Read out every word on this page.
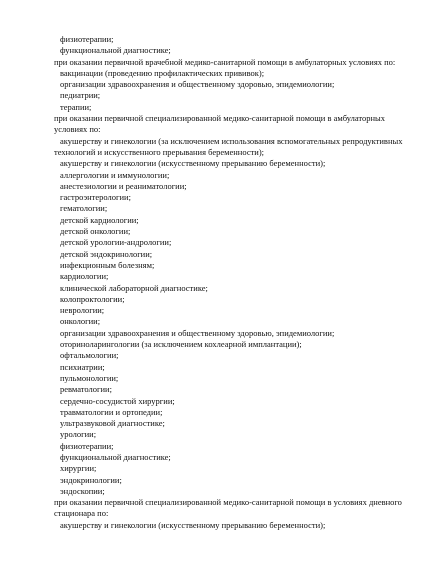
физиотерапии;
функциональной диагностике;
при оказании первичной врачебной медико-санитарной помощи в амбулаторных условиях по:
вакцинации (проведению профилактических прививок);
организации здравоохранения и общественному здоровью, эпидемиологии;
педиатрии;
терапии;
при оказании первичной специализированной медико-санитарной помощи в амбулаторных
условиях по:
акушерству и гинекологии (за исключением использования вспомогательных репродуктивных
технологий и искусственного прерывания беременности);
акушерству и гинекологии (искусственному прерыванию беременности);
аллергологии и иммунологии;
анестезиологии и реаниматологии;
гастроэнтерологии;
гематологии;
детской кардиологии;
детской онкологии;
детской урологии-андрологии;
детской эндокринологии;
инфекционным болезням;
кардиологии;
клинической лабораторной диагностике;
колопроктологии;
неврологии;
онкологии;
организации здравоохранения и общественному здоровью, эпидемиологии;
оториноларингологии (за исключением кохлеарной имплантации);
офтальмологии;
психиатрии;
пульмонологии;
ревматологии;
сердечно-сосудистой хирургии;
травматологии и ортопедии;
ультразвуковой диагностике;
урологии;
физиотерапии;
функциональной диагностике;
хирургии;
эндокринологии;
эндоскопии;
при оказании первичной специализированной медико-санитарной помощи в условиях дневного
стационара по:
акушерству и гинекологии (искусственному прерыванию беременности);
